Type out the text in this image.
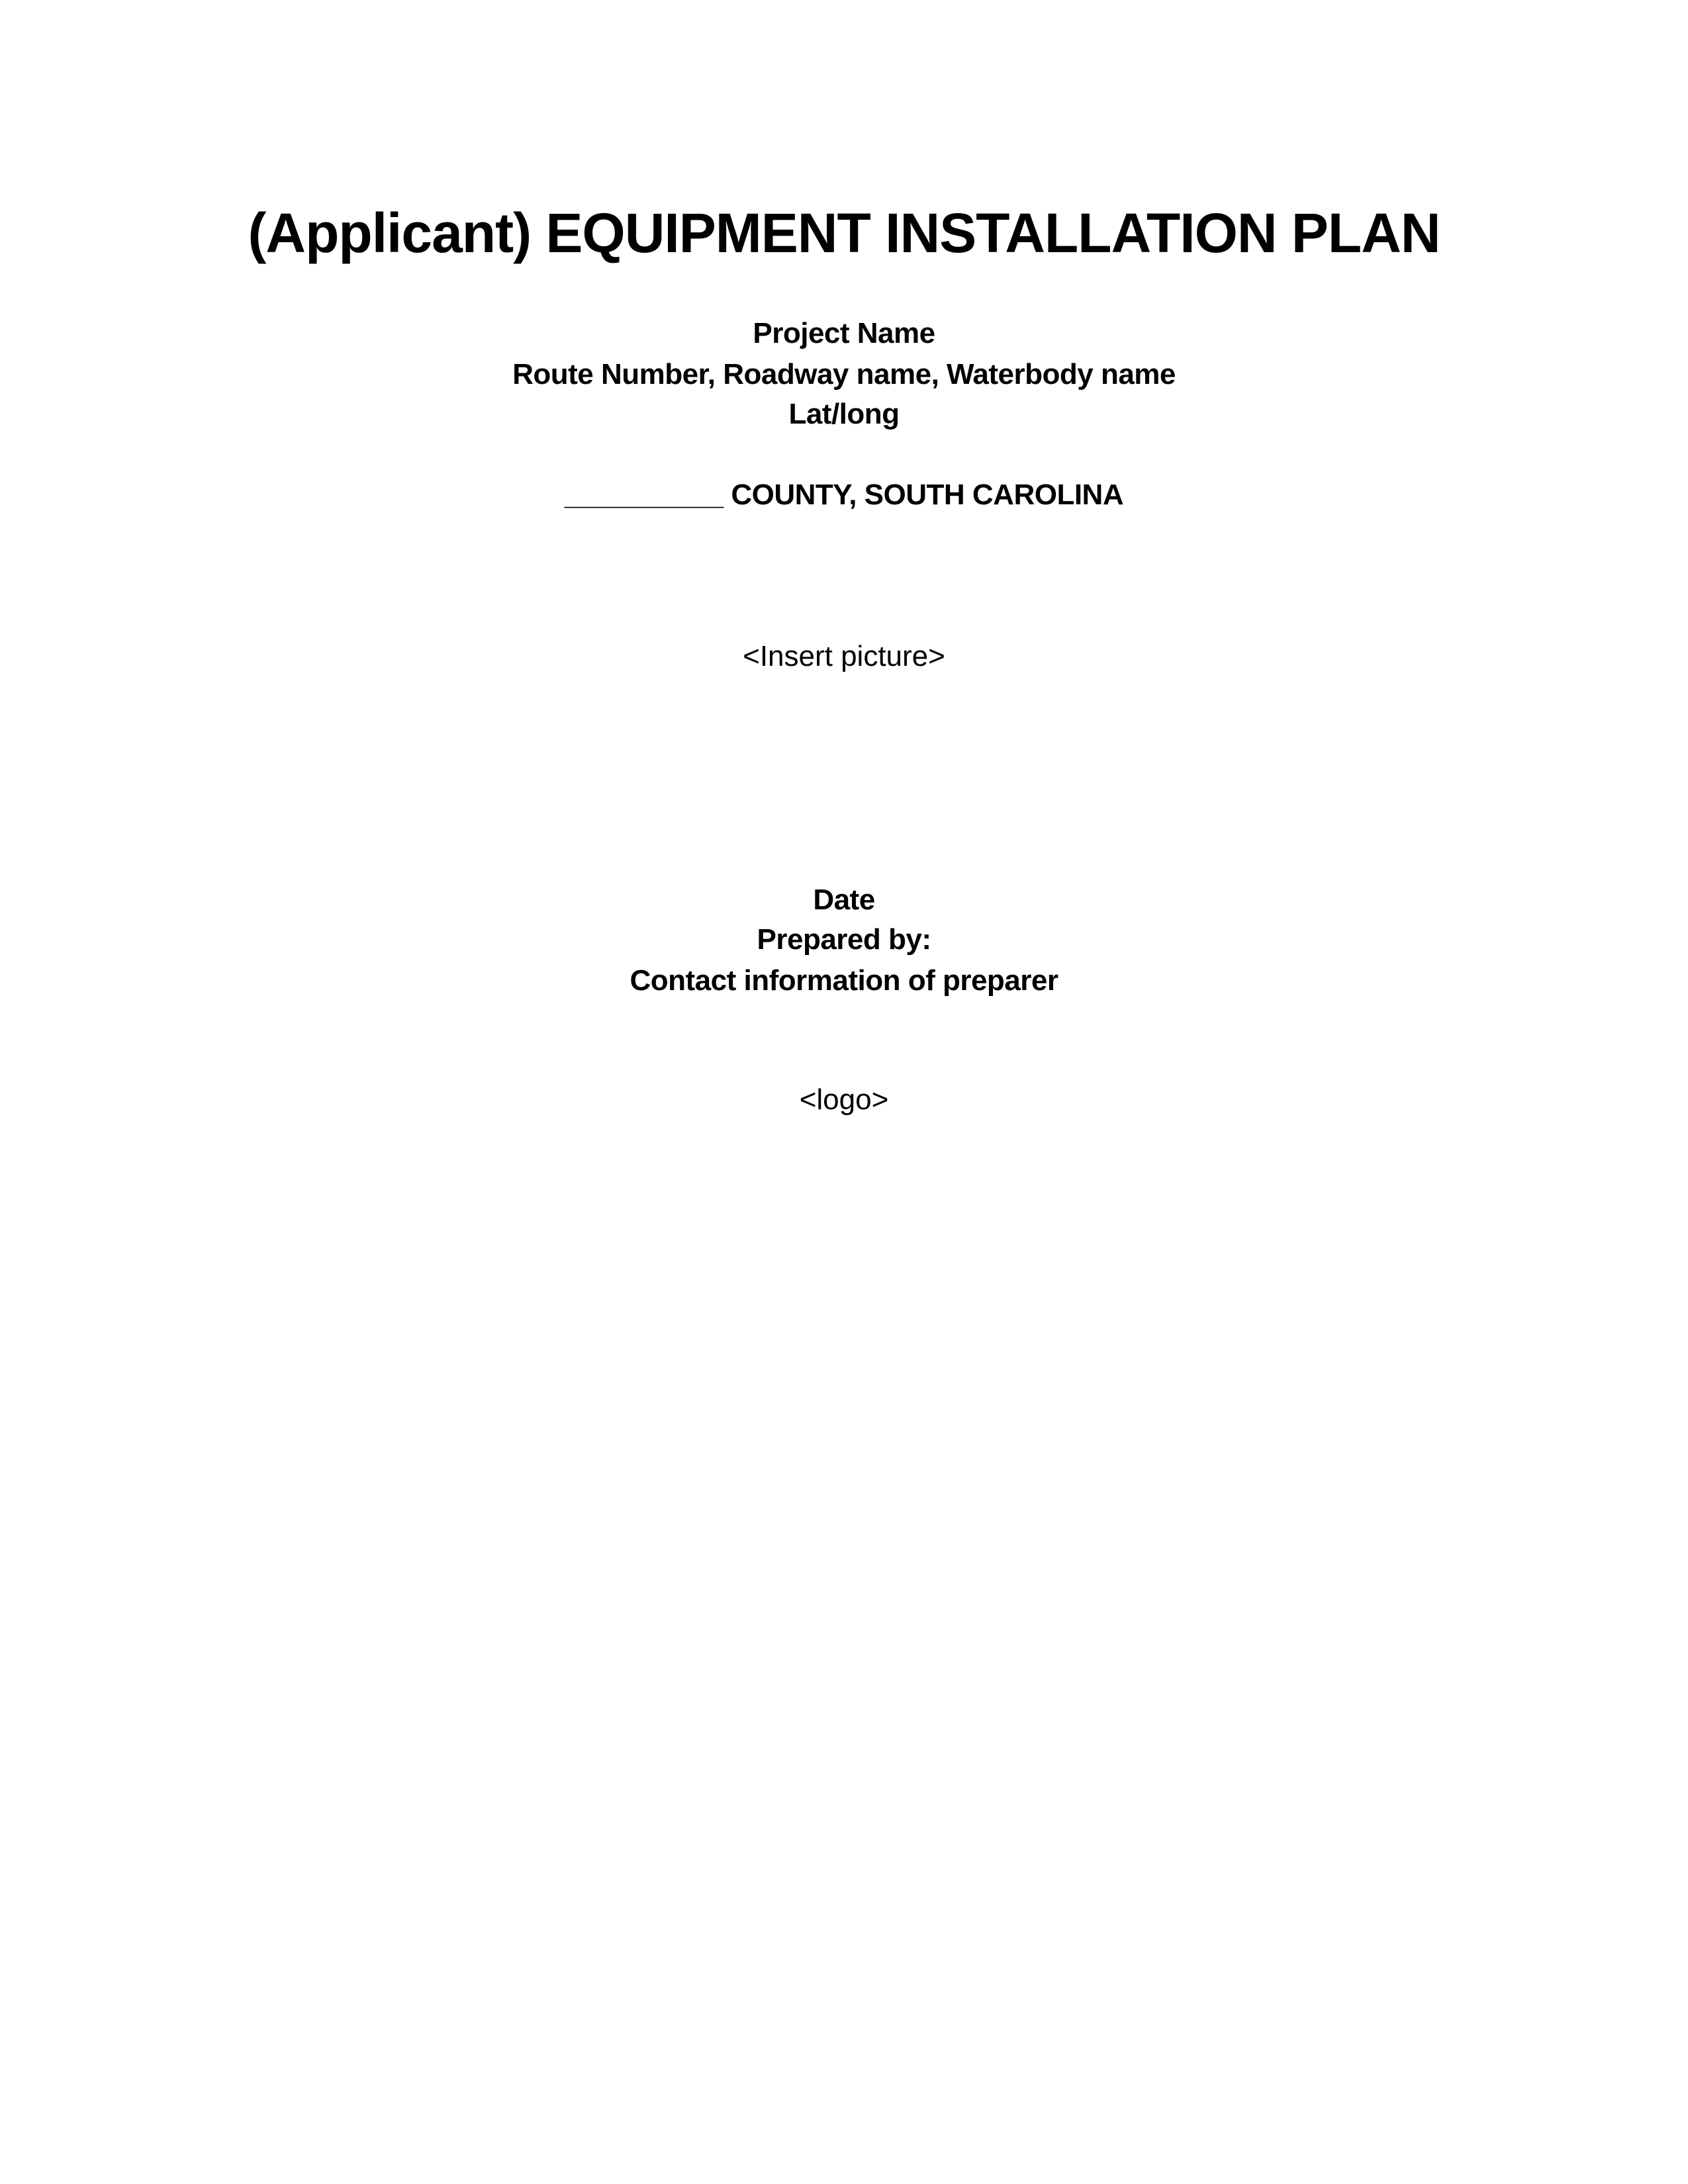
(Applicant) EQUIPMENT INSTALLATION PLAN
Project Name
Route Number, Roadway name, Waterbody name
Lat/long
__________ COUNTY, SOUTH CAROLINA
<Insert picture>
Date
Prepared by:
Contact information of preparer
<logo>
